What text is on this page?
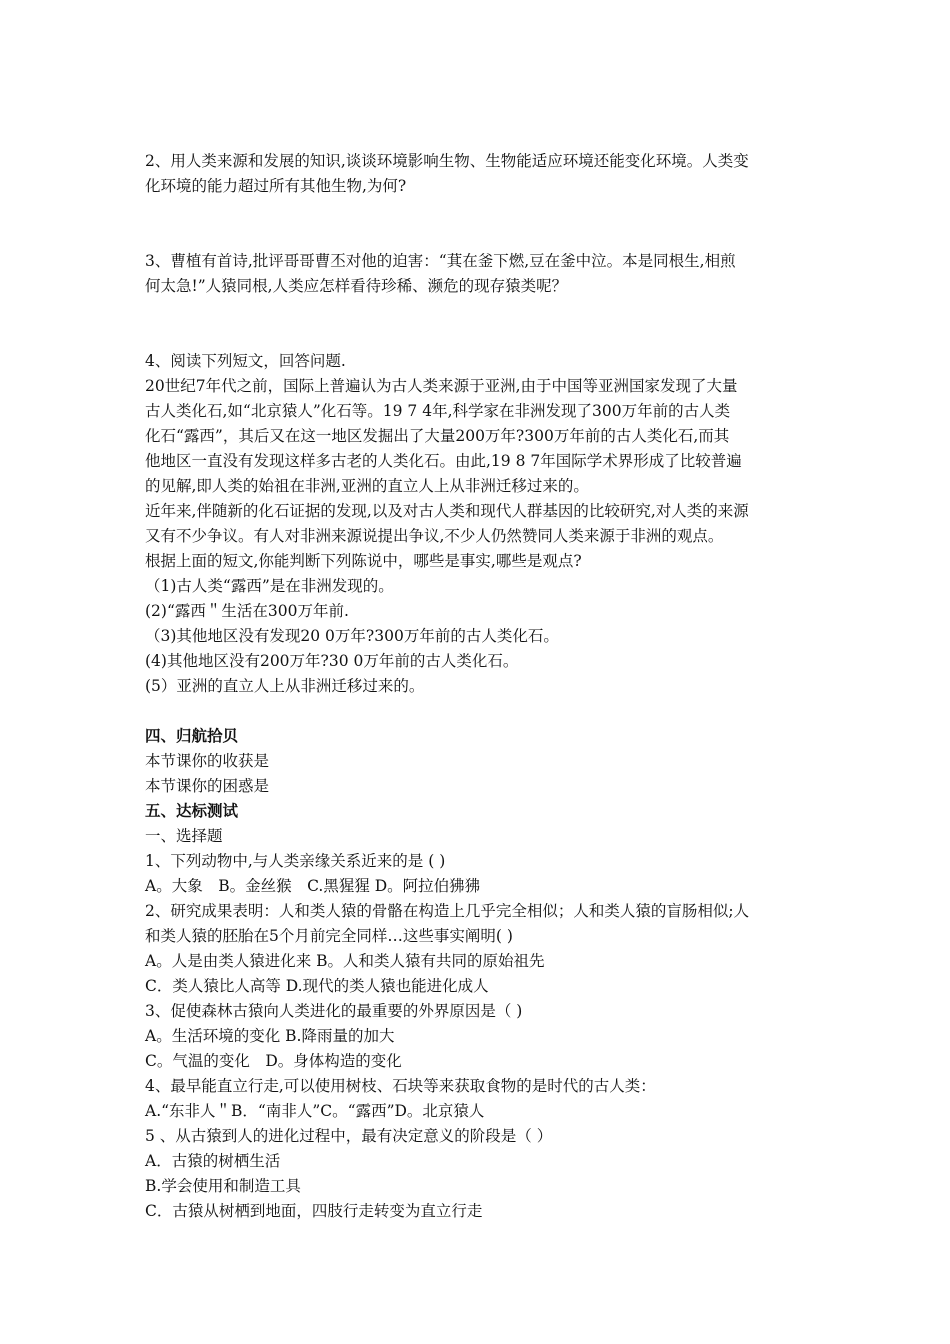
2、用人类来源和发展的知识,谈谈环境影响生物、生物能适应环境还能变化环境。人类变
化环境的能力超过所有其他生物,为何?
3、曹植有首诗,批评哥哥曹丕对他的迫害：“萁在釜下燃,豆在釜中泣。本是同根生,相煎
何太急!”人猿同根,人类应怎样看待珍稀、濒危的现存猿类呢？
4、阅读下列短文，回答问题.
20世纪7年代之前，国际上普遍认为古人类来源于亚洲,由于中国等亚洲国家发现了大量
古人类化石,如“北京猿人”化石等。19 7 4年,科学家在非洲发现了300万年前的古人类
化石“露西”，其后又在这一地区发掘出了大量200万年?300万年前的古人类化石,而其
他地区一直没有发现这样多古老的人类化石。由此,19 8 7年国际学术界形成了比较普遍
的见解,即人类的始祖在非洲,亚洲的直立人上从非洲迁移过来的。
近年来,伴随新的化石证据的发现,以及对古人类和现代人群基因的比较研究,对人类的来源
又有不少争议。有人对非洲来源说提出争议,不少人仍然赞同人类来源于非洲的观点。
根据上面的短文,你能判断下列陈说中，哪些是事实,哪些是观点?
（1)古人类“露西”是在非洲发现的。
(2)“露西＂生活在300万年前.
（3)其他地区没有发现20 0万年?300万年前的古人类化石。
(4)其他地区没有200万年?30 0万年前的古人类化石。
(5）亚洲的直立人上从非洲迁移过来的。
四、归航拾贝
本节课你的收获是
本节课你的困惑是
五、达标测试
一、选择题
1、下列动物中,与人类亲缘关系近来的是 ( )
A。大象　B。金丝猴　C.黑猩猩 D。阿拉伯狒狒
2、研究成果表明：人和类人猿的骨骼在构造上几乎完全相似；人和类人猿的盲肠相似;人
和类人猿的胚胎在5个月前完全同样…这些事实阐明( )
A。人是由类人猿进化来 B。人和类人猿有共同的原始祖先
C．类人猿比人高等 D.现代的类人猿也能进化成人
3、促使森林古猿向人类进化的最重要的外界原因是（ )
A。生活环境的变化 B.降雨量的加大
C。气温的变化　D。身体构造的变化
4、最早能直立行走,可以使用树枝、石块等来获取食物的是时代的古人类：
A.“东非人＂B．“南非人”C。“露西”D。北京猿人
5 、从古猿到人的进化过程中，最有决定意义的阶段是（ ）
A．古猿的树栖生活
B.学会使用和制造工具
C．古猿从树栖到地面，四肢行走转变为直立行走
